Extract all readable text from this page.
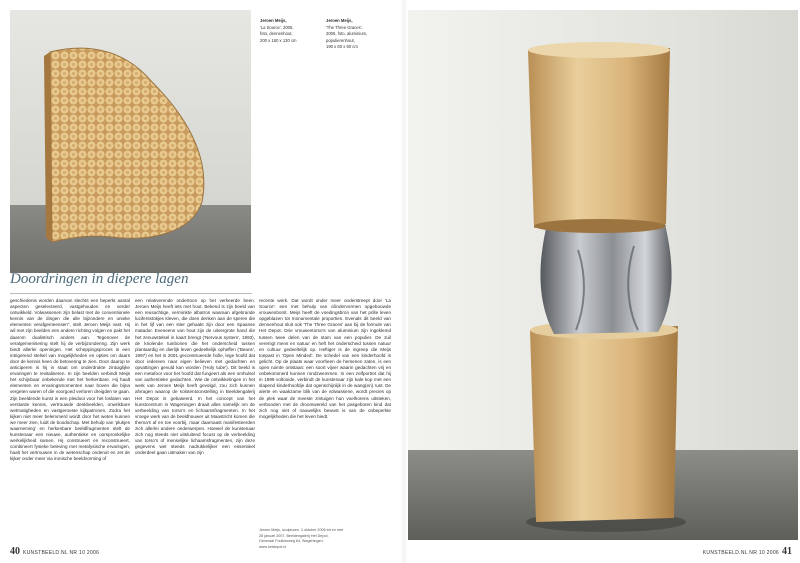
Jeroen Meijs,
'La Source', 2005,
foto, dennenhout,
200 x 160 x 130 cm
Jeroen Meijs,
'The Three Graces',
2006, foto, aluminium,
populierenhout,
190 x 60 x 60 cm
Doordringen in diepere lagen
geschiedenis worden daarvan slechts een beperkt aantal aspecten geselecteerd, vastgehouden en verder ontwikkeld. Volwassenen zijn belast met de conventionele kennis van de dingen die alle bijzondere en unieke elementen verafgemeensen", stelt Jeroen Meijs vast. Hij wil met zijn beelden een andere richting volgen en pakt het daarom dualistisch anders aan. Tegenover de veralgemenisering stelt hij de verbijzondering. Zijn werk biedt allerlei openingen. Het scheppingsproces is een intrigerend stelsel van mogelijkheden en opties om daars door de kennis heen de betovering te zien. Door daarop te anticiperen is hij in staat om onderdrukte zintuiglijke ervaringen te revitaliseren. In zijn beelden verbindt Meijs het schijnbaar onbekende met het herkenbare. Hij haalt elementen en ervaringsmomenten naar boven die bijna vergeten waren of die voorgoed verloren dreigden te gaan. Zijn beeldende kunst is een pleidooi voor het loslaten van verstarde kennis, vertrouwde denkbeelden, onwrikbare wetmatigheden en vastgeroeste kijkpatronen. Zodra het kijken niet meer belemmerd wordt door het weten kunnen we meer zien, luidt de boodschap. Met behulp van 'plukjes waarneming' en herkenbare beeldfragmenten stelt de kunstenaar een nieuwe, authentieke en oorspronkelijke werkelijkheid samen. Hij construeert en reconstrueert, combineert fysieke beleving met metafysische ervaringen, haalt het vertrouwen in de wetenschap onderuit en zet de kijker onder meer via ironische beeldvorming of
een relativerende ondertoon op het verkeerde been. Jeroen Meijs heeft iets met hout. Bekend is zijn beeld van een reusachtige, verminkte albatros waaraan afgebrande lucifersstokjes kleven, die doen denken aan de speren die in het lijf van een stier gehaakt zijn door een Spaanse matador. Eveneens van hout zijn de uitvergrote hand die het zenuwstelsel in kaart brengt ('Nervous system', 1993), de kriolende tuinbonen die het onderscheid tussen plantaardig en dierlijk leven gedeeltelijk opheffen ('Beans', 1997) en het in 2001 geconstrueerde holle, lege hoofd dat door iedereen naar eigen believen met gedachten en opvattingen gevuld kan worden ('Holy tube'). Dit beeld is een metafoor voor het hoofd dat fungeert als een omhulsel van authentieke gedachten. Wie de ontwikkelingen in het werk van Jeroen Meijs heeft gevolgd, zou zich kunnen afvragen waarop de solotentoonstelling in Beeldengalerij Het Depot is gebaseerd. In het concept van het kunstcentrum in Wageningen draait alles namelijk om de verbeelding van torso's en lichaamsfragmenten. In het vroege werk van de beeldhouwer uit Maastricht komen die thema's af en toe voorbij, maar daarnaast manifesteerden zich allerlei andere onderwerpen. Hoewel de kunstenaar zich nog steeds niet uitsluitend focust op de verbeelding van torso's of menselijke lichaamsfragmenten, zijn deze gegevens wel steeds nadrukkelijker een essentieel onderdeel gaan uitmaken van zijn
recente werk. Dat wordt onder meer onderstreept door 'La Source': een met behulp van cilindervormen opgebouwde vrouwenborst. Meijs heeft de voedingsbron van het prille leven opgeblazen tot monumentale proporties. Evenals dit beeld van dennenhout sluit ook 'The Three Graces' aan bij de formule van Het Depot. Drie vrouwentorso's van aluminium zijn ingeklemd tussen twee delen van de stam van een populier. De zuil verenigt mens en natuur en heft het onderscheid tussen natuur en cultuur gedeeltelijk op. Heftiger is de ingreep die Meijs toepast in 'Open Minded'. De schedel van een kinderhoofd is gelicht. Op de plaats waar voorheen de hersenen zaten, is een open ruimte ontstaan: een soort vijver waarin gedachten vrij en onbekommerd kunnen rondzwemmen. In een zelfportret dat hij in 1999 voltooide, verbindt de kunstenaar zijn kale kop met een slapend kinderhoofdje dat ogenschijnlijk in de wang(en) rust. De alerte en waakzame blik van de volwassene, wordt precies op de plek waar de meeste zintuigen hun voelhorens uitsteken, verbonden met de droomwereld van het pasgeboren kind dat zich nog niet of nauwelijks bewust is van de onbeperkte mogelijkheden die het leven biedt.
Jeroen Meijs, sculpturen. 1 oktober 2006 tot en met
28 januari 2007. Beeldengalerij Het Depot,
Generaal Foulkesweg 64, Wageningen.
www.hetdepot.nl
40 KUNSTBEELD.NL NR 10 2006	KUNSTBEELD.NL NR 10 2006 41
